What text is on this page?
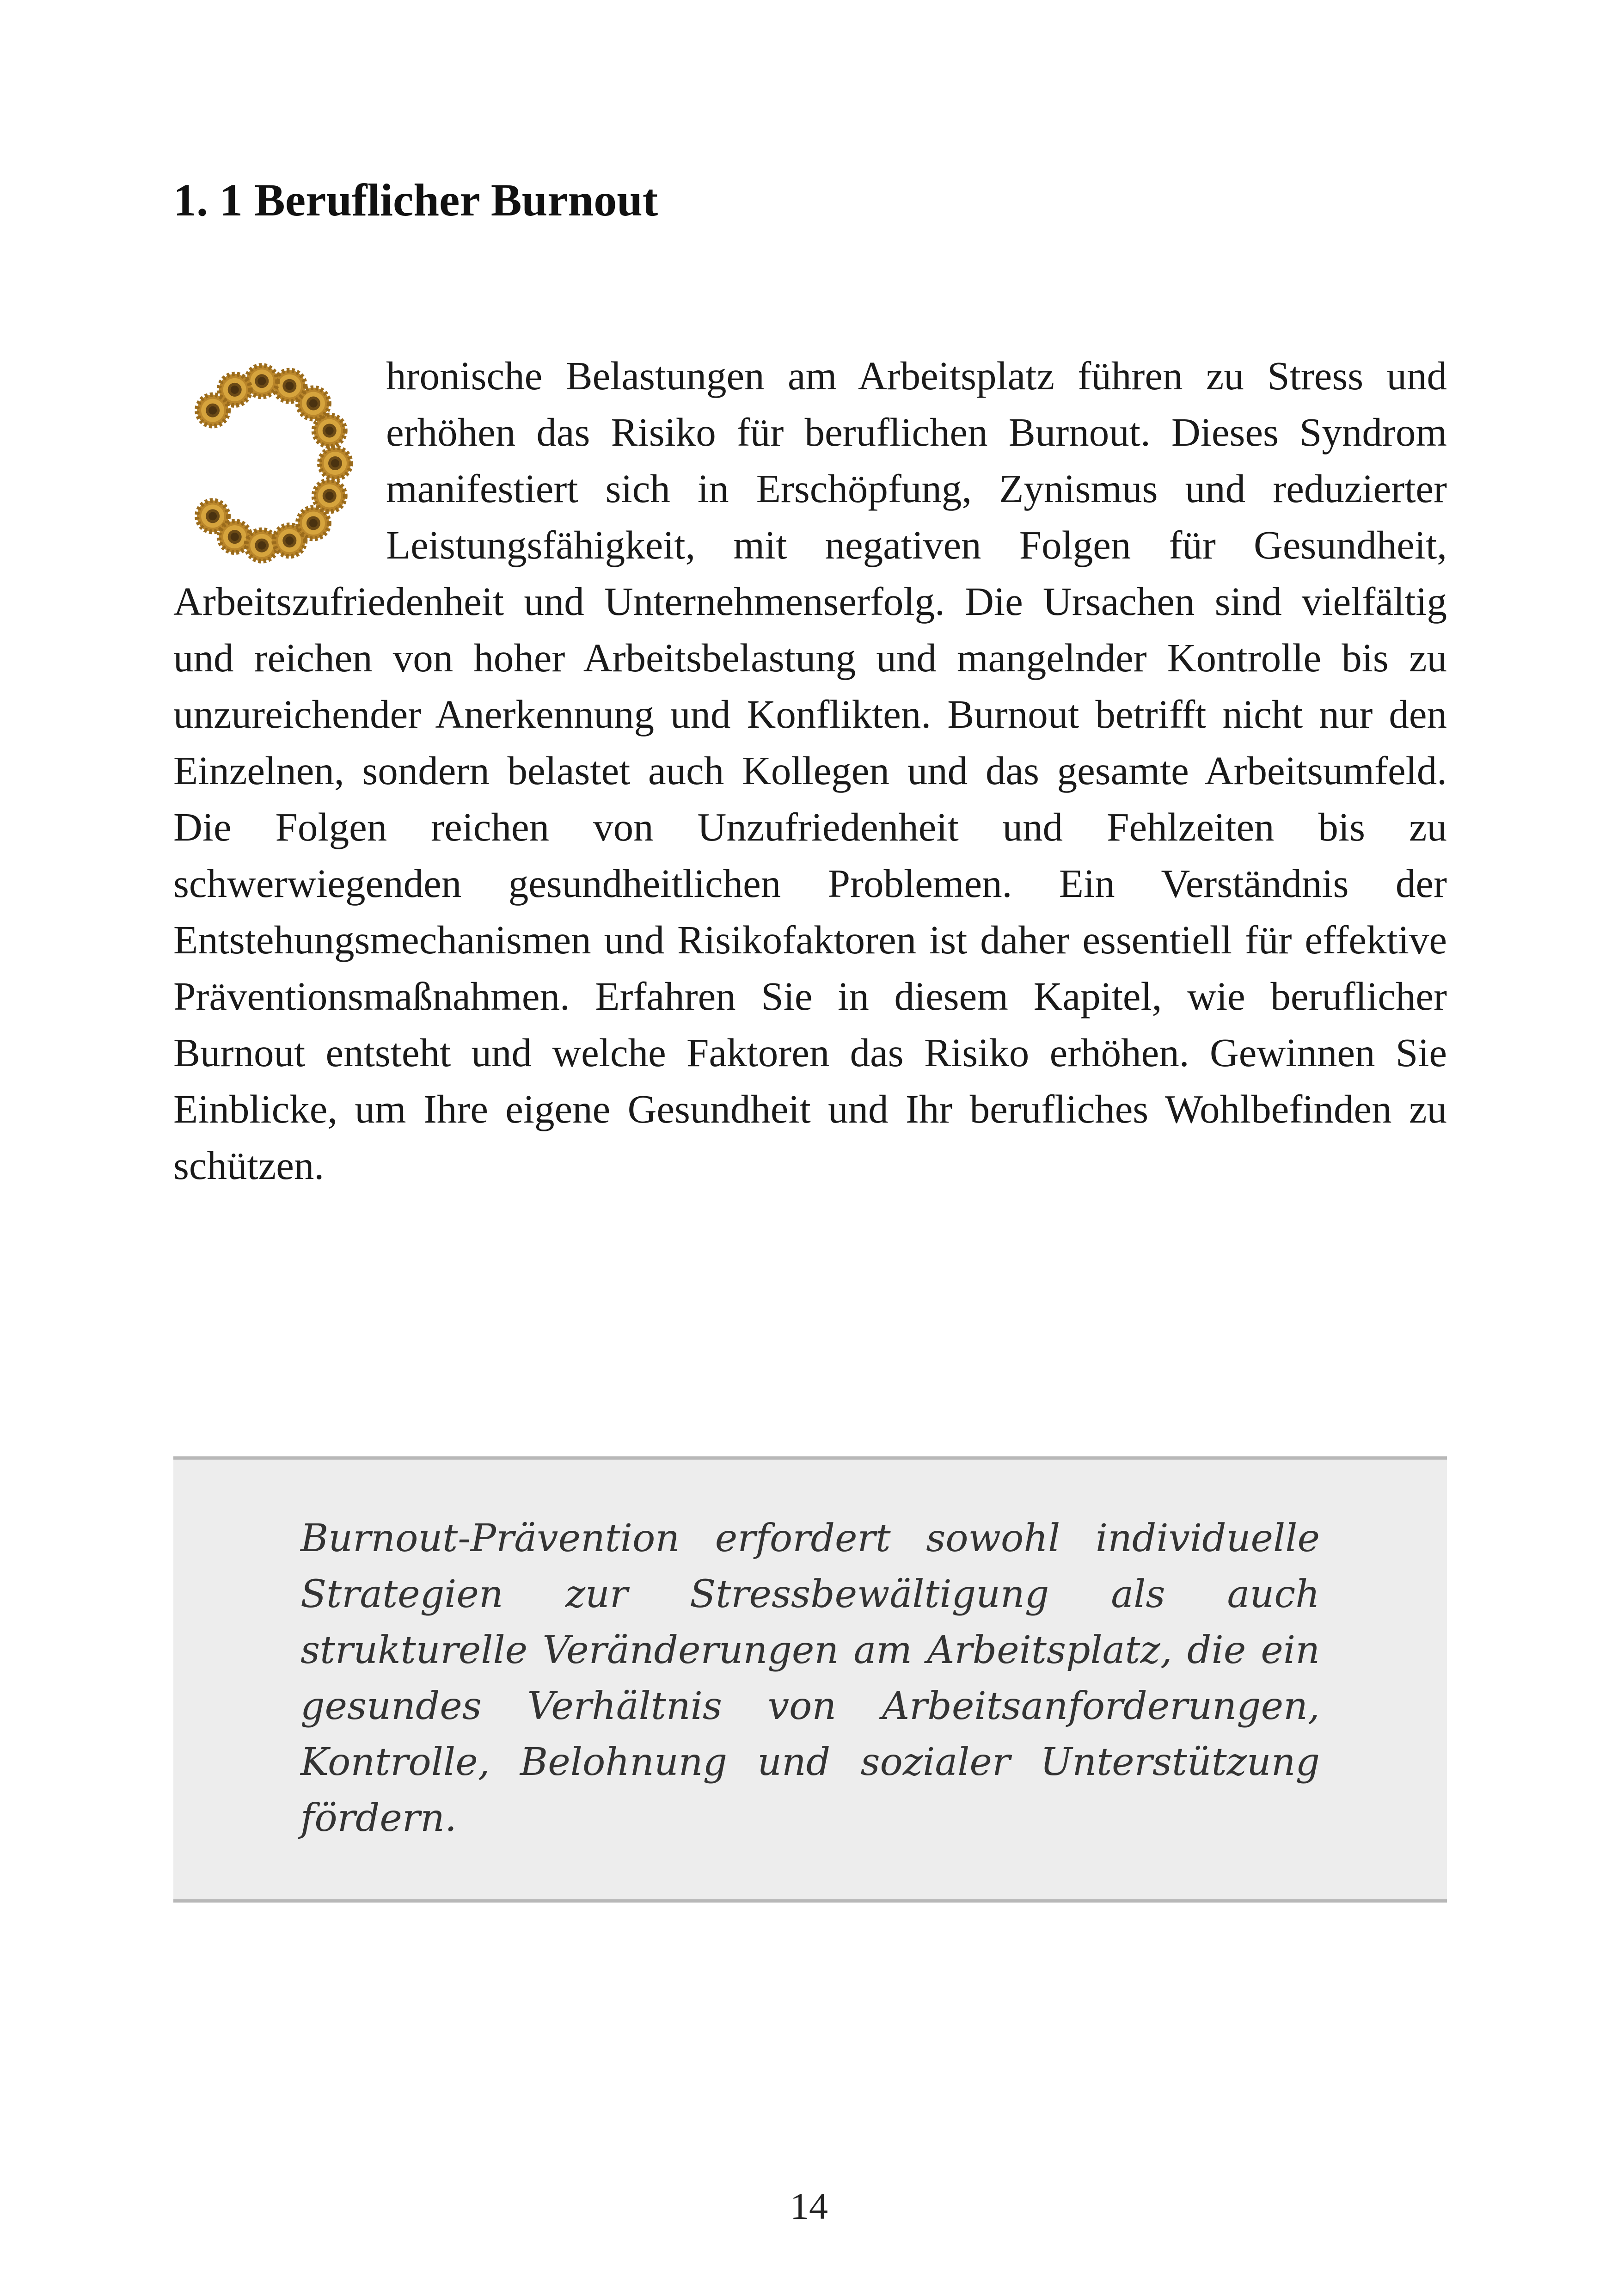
1. 1 Beruflicher Burnout
hronische Belastungen am Arbeitsplatz führen zu Stress und erhöhen das Risiko für beruflichen Burnout. Dieses Syndrom manifestiert sich in Erschöpfung, Zynismus und reduzierter Leistungsfähigkeit, mit negativen Folgen für Gesundheit, Arbeitszufriedenheit und Unternehmenserfolg. Die Ursachen sind vielfältig und reichen von hoher Arbeitsbelastung und mangelnder Kontrolle bis zu unzureichender Anerkennung und Konflikten. Burnout betrifft nicht nur den Einzelnen, sondern belastet auch Kollegen und das gesamte Arbeitsumfeld. Die Folgen reichen von Unzufriedenheit und Fehlzeiten bis zu schwerwiegenden gesundheitlichen Problemen. Ein Verständnis der Entstehungsmechanismen und Risikofaktoren ist daher essentiell für effektive Präventionsmaßnahmen. Erfahren Sie in diesem Kapitel, wie beruflicher Burnout entsteht und welche Faktoren das Risiko erhöhen. Gewinnen Sie Einblicke, um Ihre eigene Gesundheit und Ihr berufliches Wohlbefinden zu schützen.

Burnout-Prävention erfordert sowohl individuelle Strategien zur Stressbewältigung als auch strukturelle Veränderungen am Arbeitsplatz, die ein gesundes Verhältnis von Arbeitsanforderungen, Kontrolle, Belohnung und sozialer Unterstützung fördern.

14
